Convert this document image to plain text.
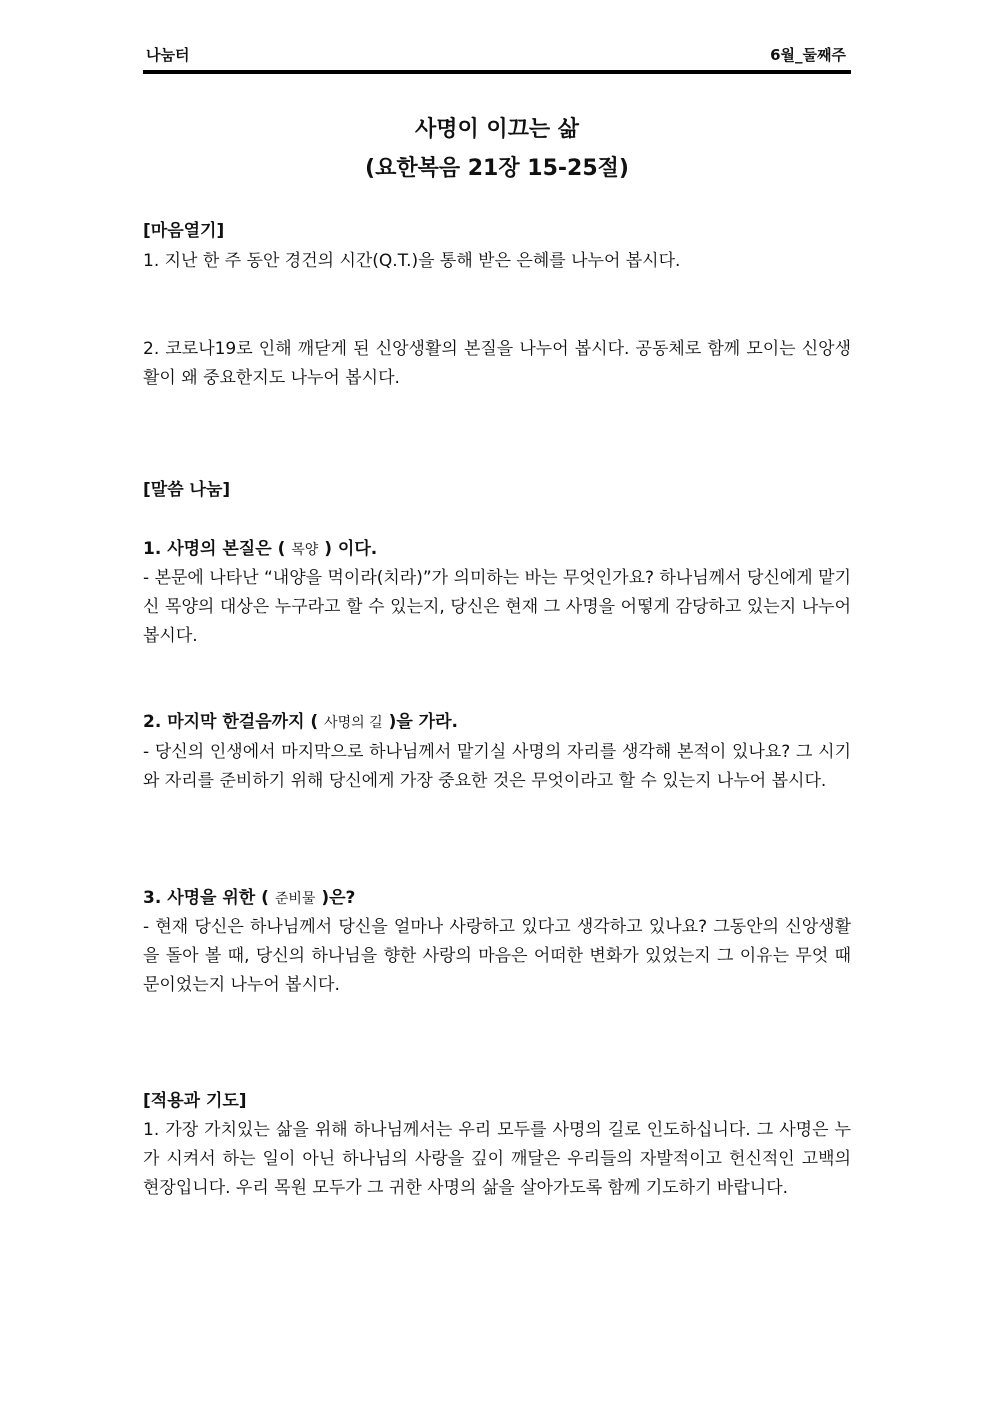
나눔터	6월_둘째주
사명이 이끄는 삶
(요한복음 21장 15-25절)
[마음열기]
1. 지난 한 주 동안 경건의 시간(Q.T.)을 통해 받은 은혜를 나누어 봅시다.
2. 코로나19로 인해 깨닫게 된 신앙생활의 본질을 나누어 봅시다. 공동체로 함께 모이는 신앙생활이 왜 중요한지도 나누어 봅시다.
[말씀 나눔]
1. 사명의 본질은 ( 목양 ) 이다.
- 본문에 나타난 “내양을 먹이라(치라)”가 의미하는 바는 무엇인가요? 하나님께서 당신에게 맡기신 목양의 대상은 누구라고 할 수 있는지, 당신은 현재 그 사명을 어떻게 감당하고 있는지 나누어 봅시다.
2. 마지막 한걸음까지 ( 사명의 길 )을 가라.
- 당신의 인생에서 마지막으로 하나님께서 맡기실 사명의 자리를 생각해 본적이 있나요? 그 시기와 자리를 준비하기 위해 당신에게 가장 중요한 것은 무엇이라고 할 수 있는지 나누어 봅시다.
3. 사명을 위한 ( 준비물 )은?
- 현재 당신은 하나님께서 당신을 얼마나 사랑하고 있다고 생각하고 있나요? 그동안의 신앙생활을 돌아 볼 때, 당신의 하나님을 향한 사랑의 마음은 어떠한 변화가 있었는지 그 이유는 무엇 때문이었는지 나누어 봅시다.
[적용과 기도]
1. 가장 가치있는 삶을 위해 하나님께서는 우리 모두를 사명의 길로 인도하십니다. 그 사명은 누가 시켜서 하는 일이 아닌 하나님의 사랑을 깊이 깨달은 우리들의 자발적이고 헌신적인 고백의 현장입니다. 우리 목원 모두가 그 귀한 사명의 삶을 살아가도록 함께 기도하기 바랍니다.
